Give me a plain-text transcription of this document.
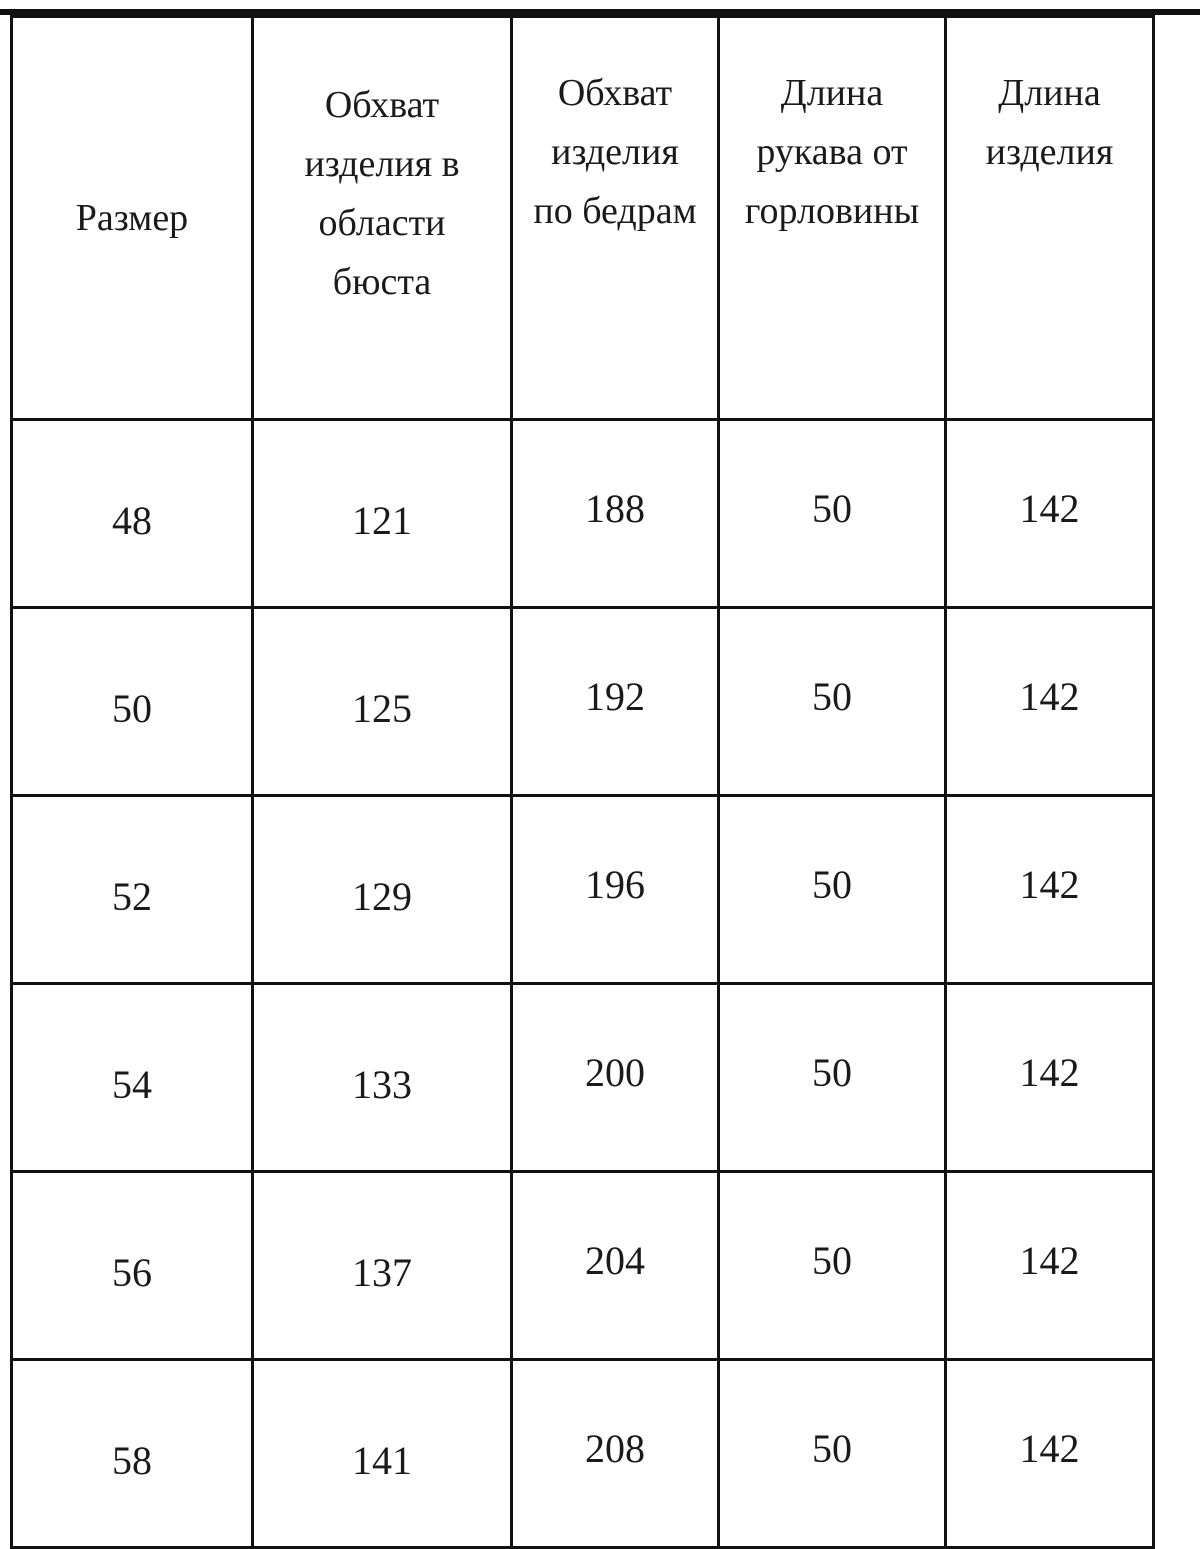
Размер	Обхват
изделия в
области
бюста	Обхват
изделия
по бедрам	Длина
рукава от
горловины	Длина
изделия
48	121	188	50	142
50	125	192	50	142
52	129	196	50	142
54	133	200	50	142
56	137	204	50	142
58	141	208	50	142
